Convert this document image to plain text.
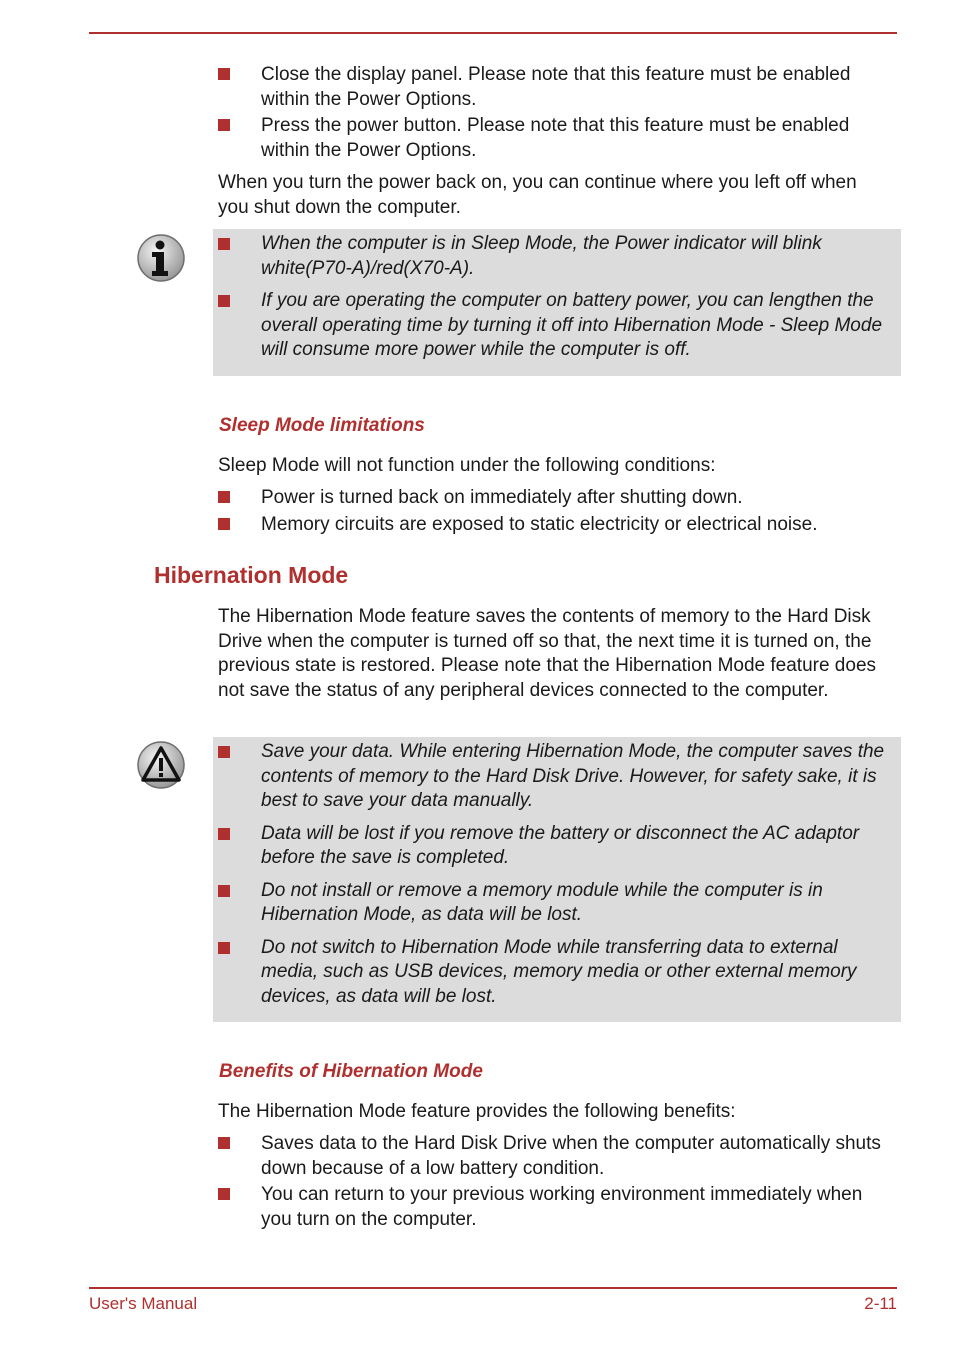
Close the display panel. Please note that this feature must be enabled within the Power Options.
Press the power button. Please note that this feature must be enabled within the Power Options.
When you turn the power back on, you can continue where you left off when you shut down the computer.
When the computer is in Sleep Mode, the Power indicator will blink white(P70-A)/red(X70-A).
If you are operating the computer on battery power, you can lengthen the overall operating time by turning it off into Hibernation Mode - Sleep Mode will consume more power while the computer is off.
Sleep Mode limitations
Sleep Mode will not function under the following conditions:
Power is turned back on immediately after shutting down.
Memory circuits are exposed to static electricity or electrical noise.
Hibernation Mode
The Hibernation Mode feature saves the contents of memory to the Hard Disk Drive when the computer is turned off so that, the next time it is turned on, the previous state is restored. Please note that the Hibernation Mode feature does not save the status of any peripheral devices connected to the computer.
Save your data. While entering Hibernation Mode, the computer saves the contents of memory to the Hard Disk Drive. However, for safety sake, it is best to save your data manually.
Data will be lost if you remove the battery or disconnect the AC adaptor before the save is completed.
Do not install or remove a memory module while the computer is in Hibernation Mode, as data will be lost.
Do not switch to Hibernation Mode while transferring data to external media, such as USB devices, memory media or other external memory devices, as data will be lost.
Benefits of Hibernation Mode
The Hibernation Mode feature provides the following benefits:
Saves data to the Hard Disk Drive when the computer automatically shuts down because of a low battery condition.
You can return to your previous working environment immediately when you turn on the computer.
User's Manual	2-11
